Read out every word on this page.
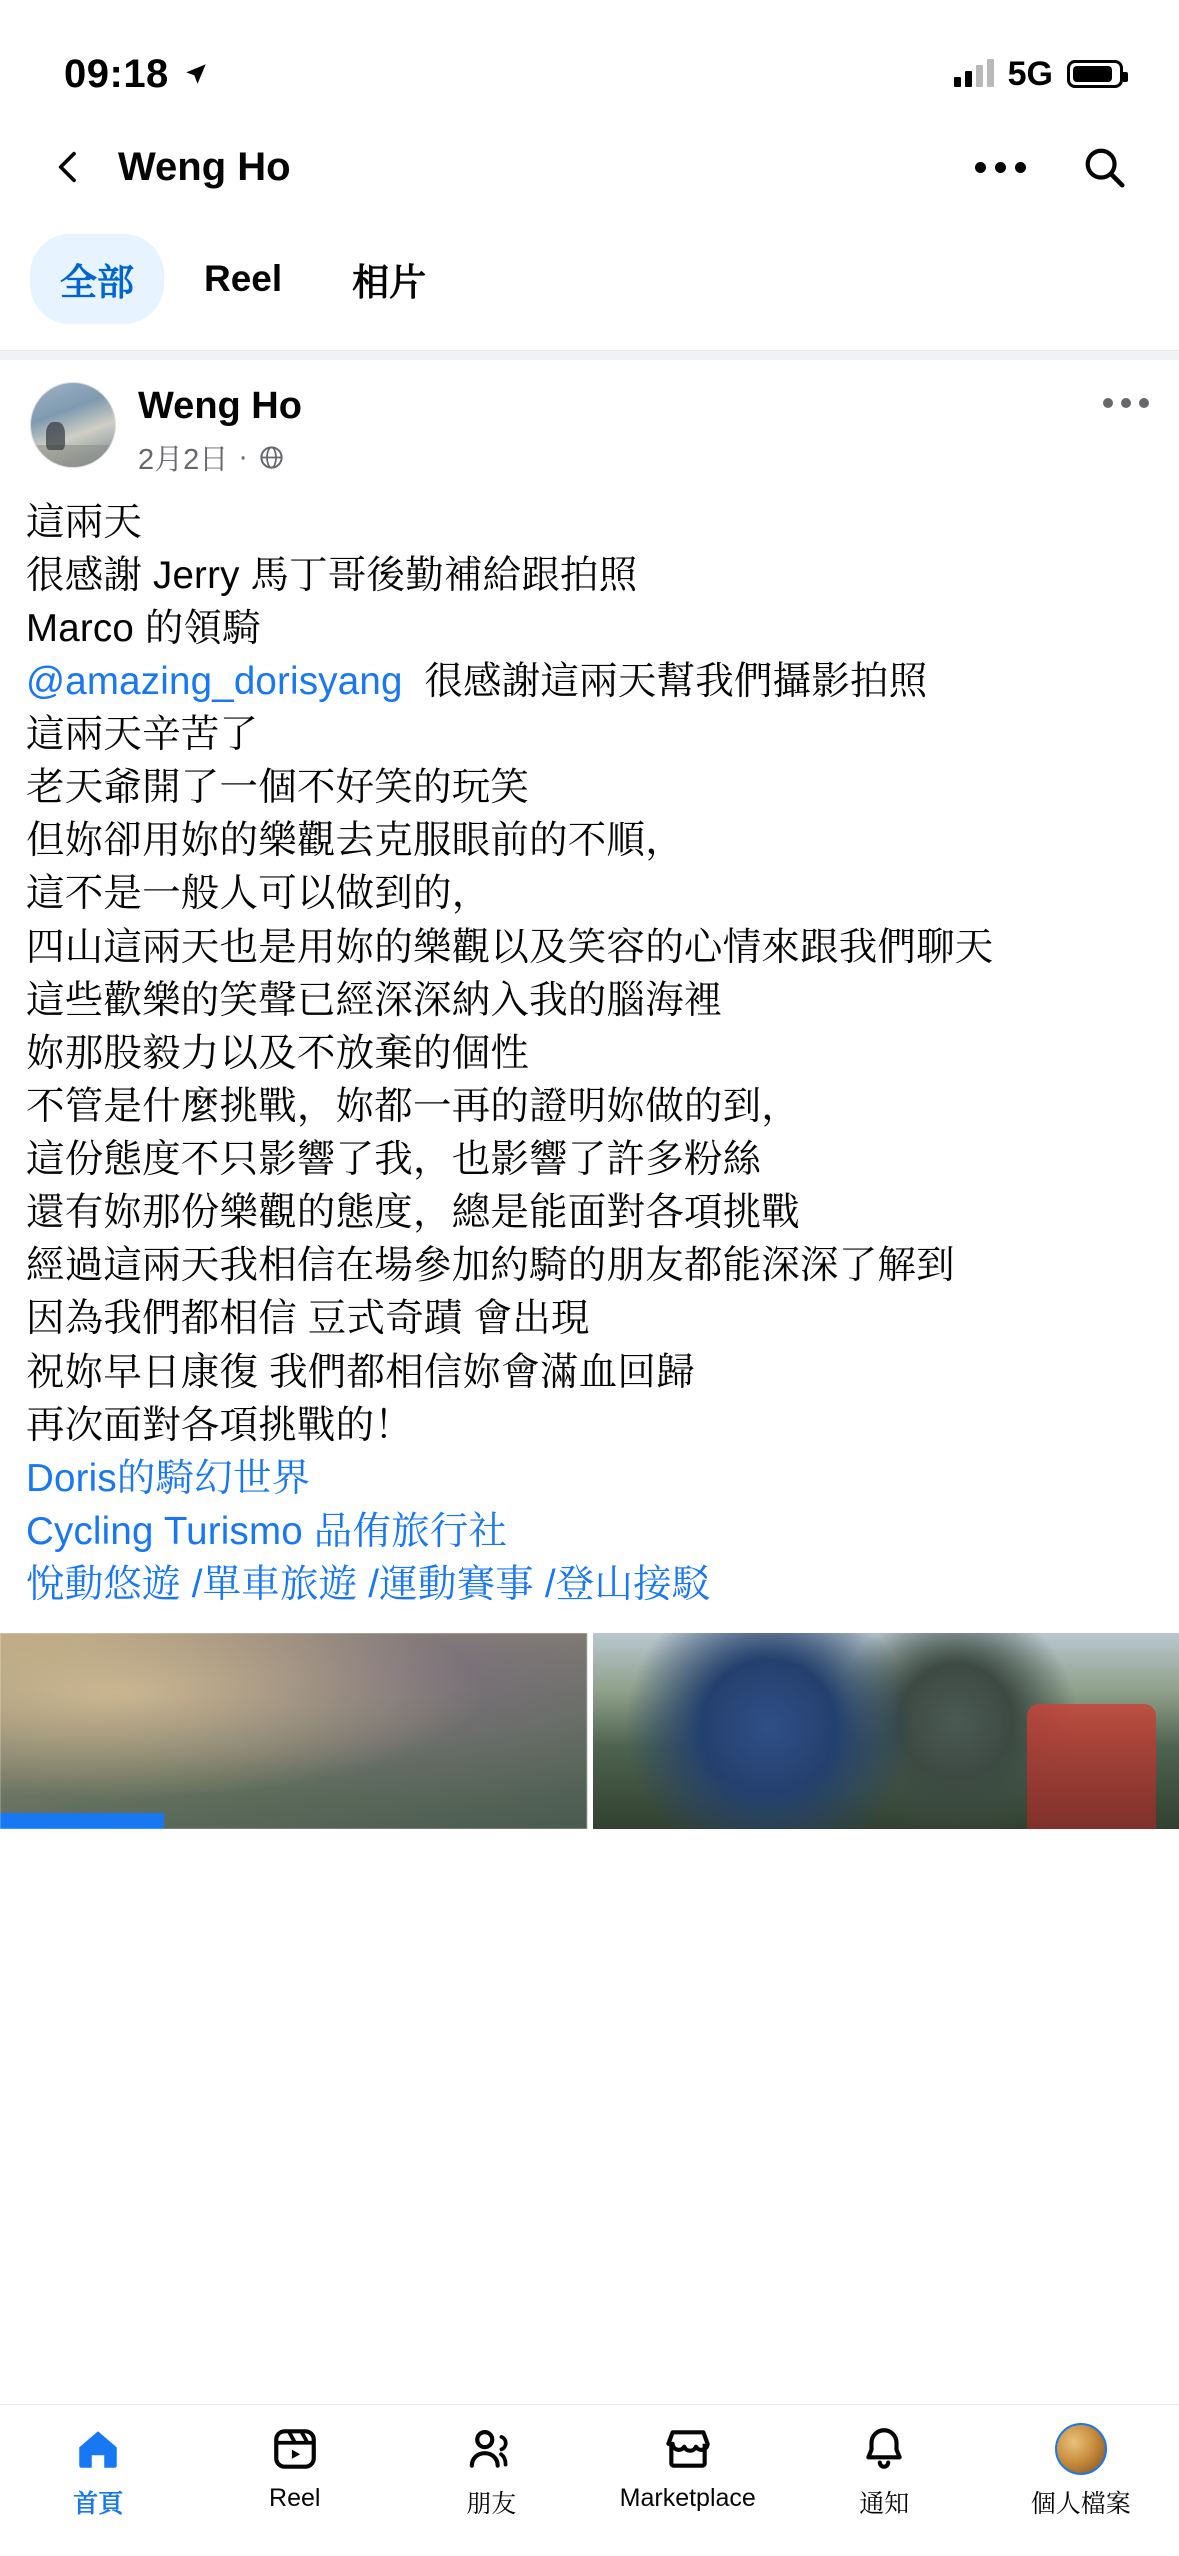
09:18	5G
Weng Ho
全部	Reel	相片
Weng Ho
2月2日 ·
這兩天
很感謝 Jerry 馬丁哥後勤補給跟拍照
Marco 的領騎
@amazing_dorisyang  很感謝這兩天幫我們攝影拍照
這兩天辛苦了
老天爺開了一個不好笑的玩笑
但妳卻用妳的樂觀去克服眼前的不順，
這不是一般人可以做到的，
四山這兩天也是用妳的樂觀以及笑容的心情來跟我們聊天
這些歡樂的笑聲已經深深納入我的腦海裡
妳那股毅力以及不放棄的個性
不管是什麼挑戰，妳都一再的證明妳做的到，
這份態度不只影響了我，也影響了許多粉絲
還有妳那份樂觀的態度，總是能面對各項挑戰
經過這兩天我相信在場參加約騎的朋友都能深深了解到
因為我們都相信 豆式奇蹟 會出現
祝妳早日康復 我們都相信妳會滿血回歸
再次面對各項挑戰的！
Doris的騎幻世界
Cycling Turismo 品侑旅行社
悅動悠遊 /單車旅遊 /運動賽事 /登山接駁
首頁	Reel	朋友	Marketplace	通知	個人檔案
